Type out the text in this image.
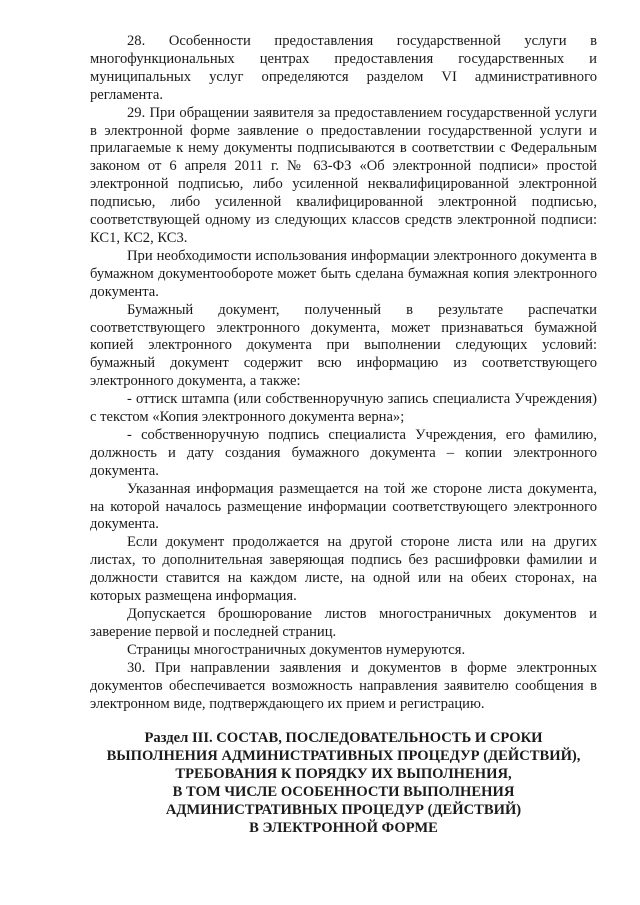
28. Особенности предоставления государственной услуги в многофункциональных центрах предоставления государственных и муниципальных услуг определяются разделом VI административного регламента.

29. При обращении заявителя за предоставлением государственной услуги в электронной форме заявление о предоставлении государственной услуги и прилагаемые к нему документы подписываются в соответствии с Федеральным законом от 6 апреля 2011 г. № 63-ФЗ «Об электронной подписи» простой электронной подписью, либо усиленной неквалифицированной электронной подписью, либо усиленной квалифицированной электронной подписью, соответствующей одному из следующих классов средств электронной подписи: КС1, КС2, КС3.

При необходимости использования информации электронного документа в бумажном документообороте может быть сделана бумажная копия электронного документа.

Бумажный документ, полученный в результате распечатки соответствующего электронного документа, может признаваться бумажной копией электронного документа при выполнении следующих условий: бумажный документ содержит всю информацию из соответствующего электронного документа, а также:

- оттиск штампа (или собственноручную запись специалиста Учреждения) с текстом «Копия электронного документа верна»;

- собственноручную подпись специалиста Учреждения, его фамилию, должность и дату создания бумажного документа – копии электронного документа.

Указанная информация размещается на той же стороне листа документа, на которой началось размещение информации соответствующего электронного документа.

Если документ продолжается на другой стороне листа или на других листах, то дополнительная заверяющая подпись без расшифровки фамилии и должности ставится на каждом листе, на одной или на обеих сторонах, на которых размещена информация.

Допускается брошюрование листов многостраничных документов и заверение первой и последней страниц.

Страницы многостраничных документов нумеруются.

30. При направлении заявления и документов в форме электронных документов обеспечивается возможность направления заявителю сообщения в электронном виде, подтверждающего их прием и регистрацию.

Раздел III. СОСТАВ, ПОСЛЕДОВАТЕЛЬНОСТЬ И СРОКИ
ВЫПОЛНЕНИЯ АДМИНИСТРАТИВНЫХ ПРОЦЕДУР (ДЕЙСТВИЙ),
ТРЕБОВАНИЯ К ПОРЯДКУ ИХ ВЫПОЛНЕНИЯ,
В ТОМ ЧИСЛЕ ОСОБЕННОСТИ ВЫПОЛНЕНИЯ
АДМИНИСТРАТИВНЫХ ПРОЦЕДУР (ДЕЙСТВИЙ)
В ЭЛЕКТРОННОЙ ФОРМЕ
